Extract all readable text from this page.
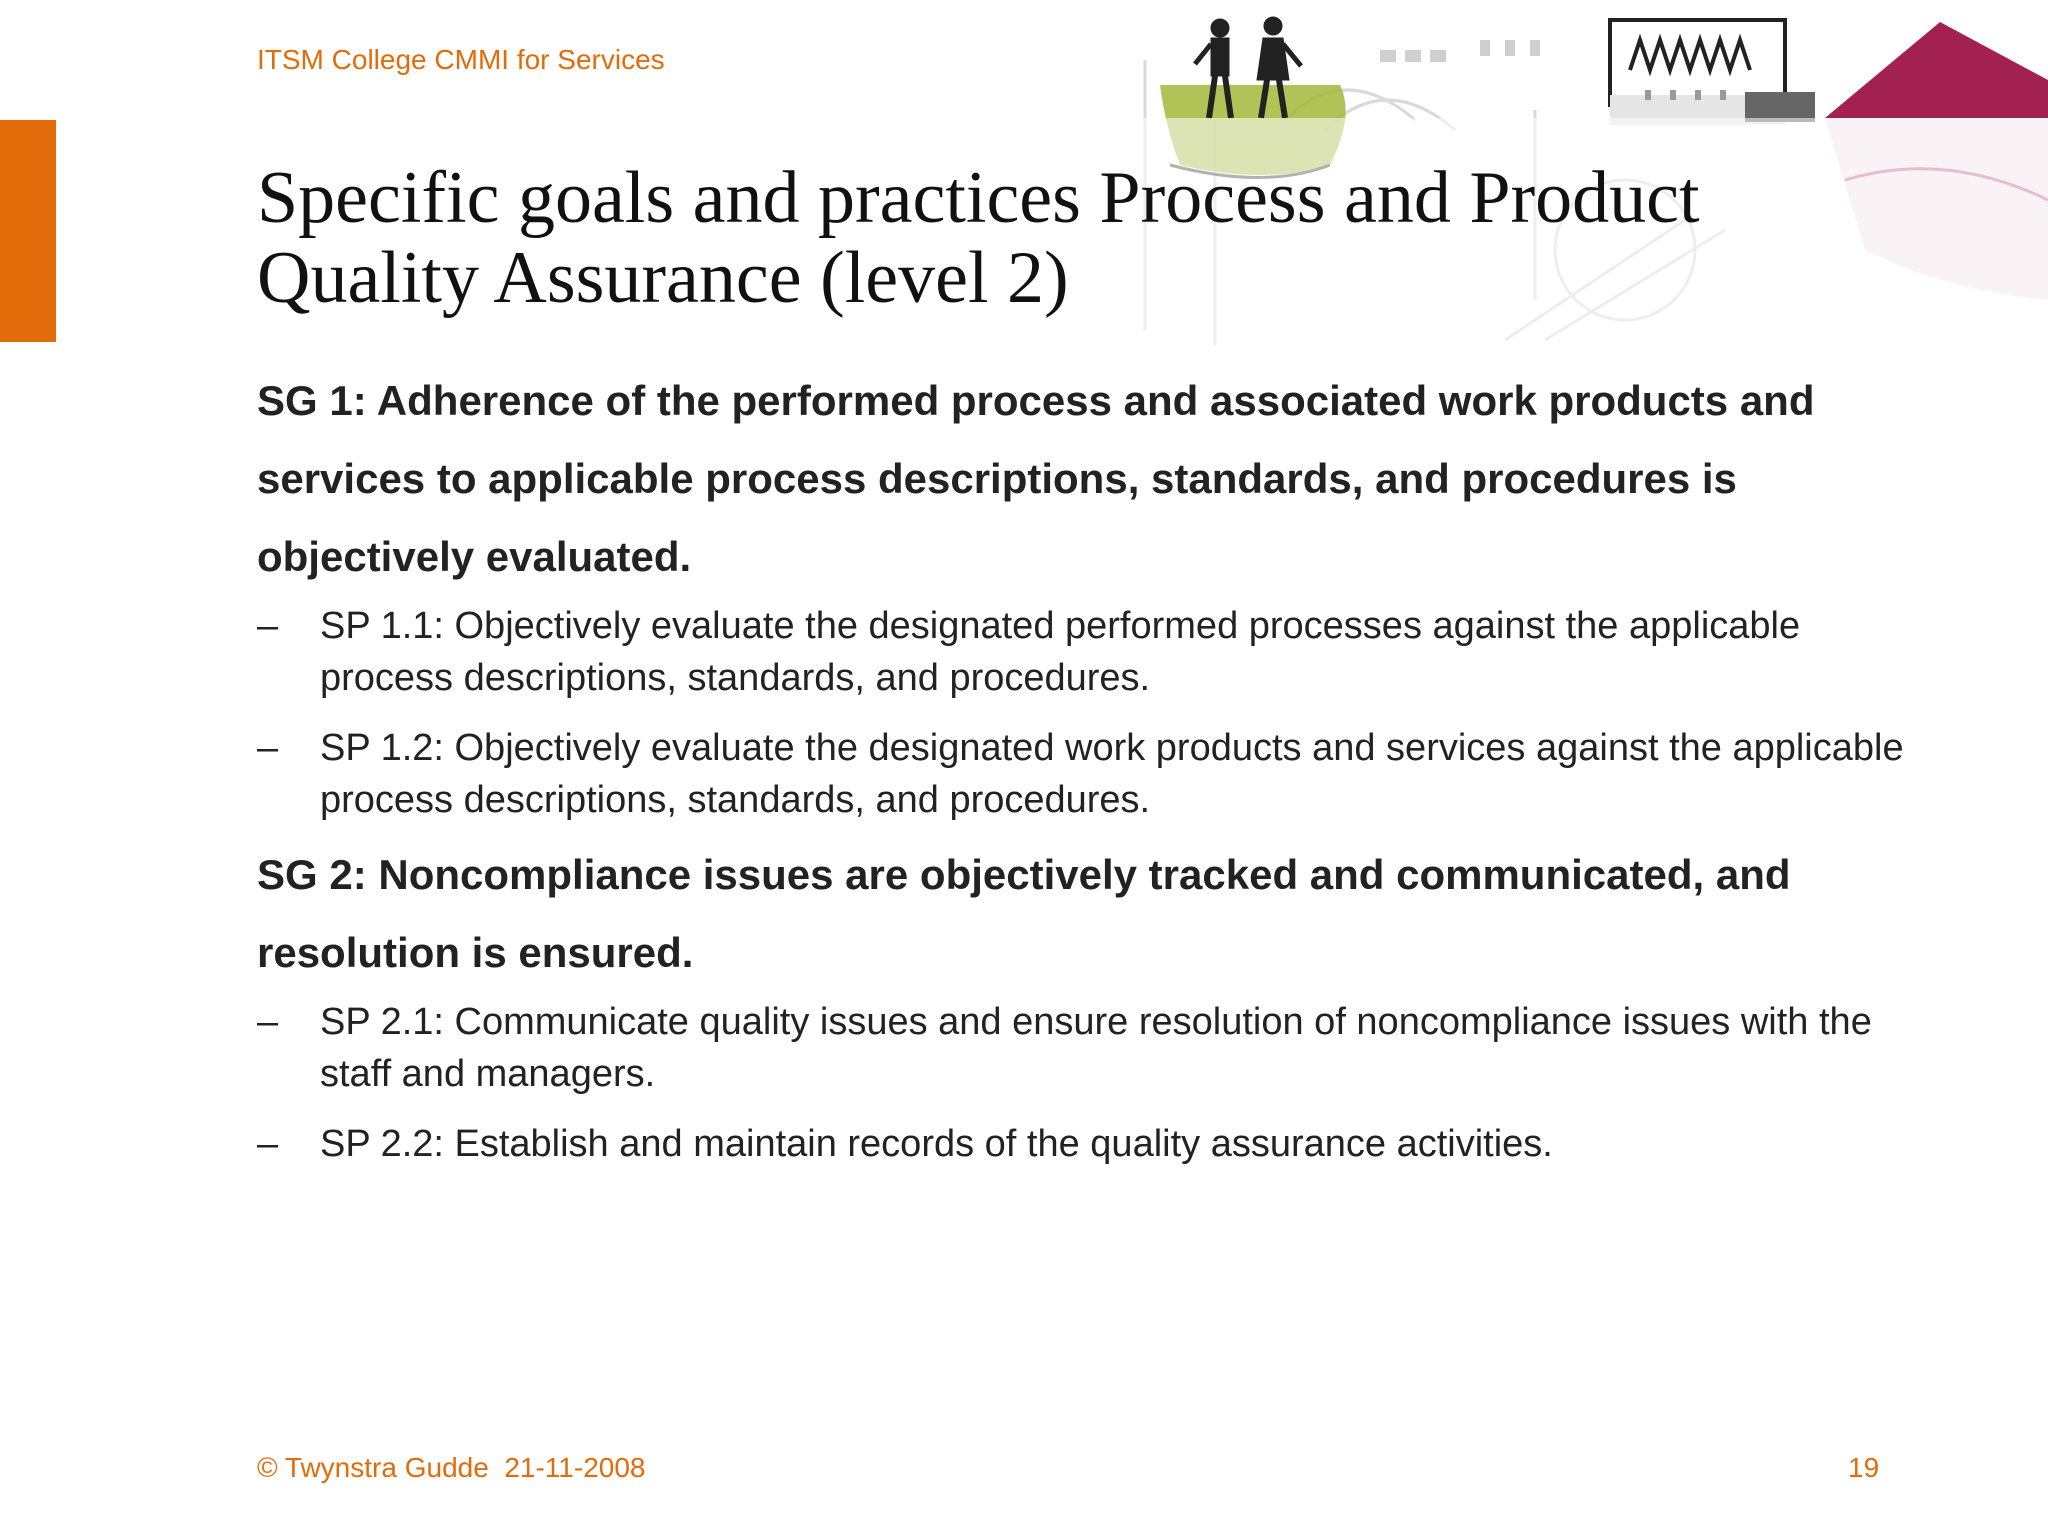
ITSM College CMMI for Services
Specific goals and practices Process and Product Quality Assurance (level 2)

SG 1: Adherence of the performed process and associated work products and services to applicable process descriptions, standards, and procedures is objectively evaluated.

– SP 1.1: Objectively evaluate the designated performed processes against the applicable process descriptions, standards, and procedures.

– SP 1.2: Objectively evaluate the designated work products and services against the applicable process descriptions, standards, and procedures.

SG 2: Noncompliance issues are objectively tracked and communicated, and resolution is ensured.

– SP 2.1: Communicate quality issues and ensure resolution of noncompliance issues with the staff and managers.

– SP 2.2: Establish and maintain records of the quality assurance activities.

© Twynstra Gudde  21-11-2008	19
